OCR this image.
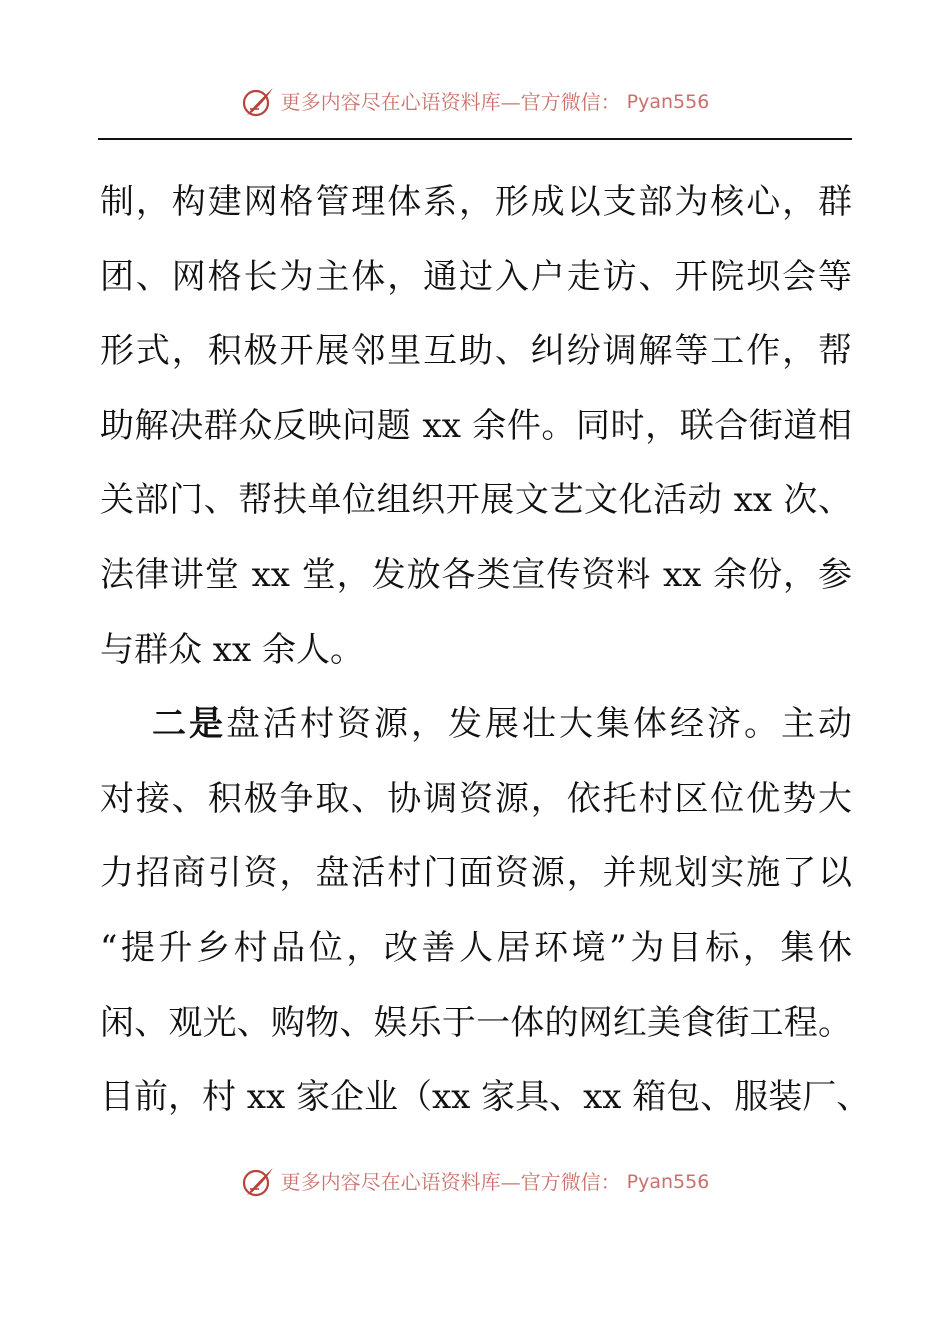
更多内容尽在心语资料库—官方微信： Pyan556
制，构建网格管理体系，形成以支部为核心，群
团、网格长为主体，通过入户走访、开院坝会等
形式，积极开展邻里互助、纠纷调解等工作，帮
助解决群众反映问题 xx 余件。同时，联合街道相
关部门、帮扶单位组织开展文艺文化活动 xx 次、
法律讲堂 xx 堂，发放各类宣传资料 xx 余份，参
与群众 xx 余人。
二是盘活村资源，发展壮大集体经济。主动
对接、积极争取、协调资源，依托村区位优势大
力招商引资，盘活村门面资源，并规划实施了以
“提升乡村品位，改善人居环境”为目标，集休
闲、观光、购物、娱乐于一体的网红美食街工程。
目前，村 xx 家企业（xx 家具、xx 箱包、服装厂、
更多内容尽在心语资料库—官方微信： Pyan556
